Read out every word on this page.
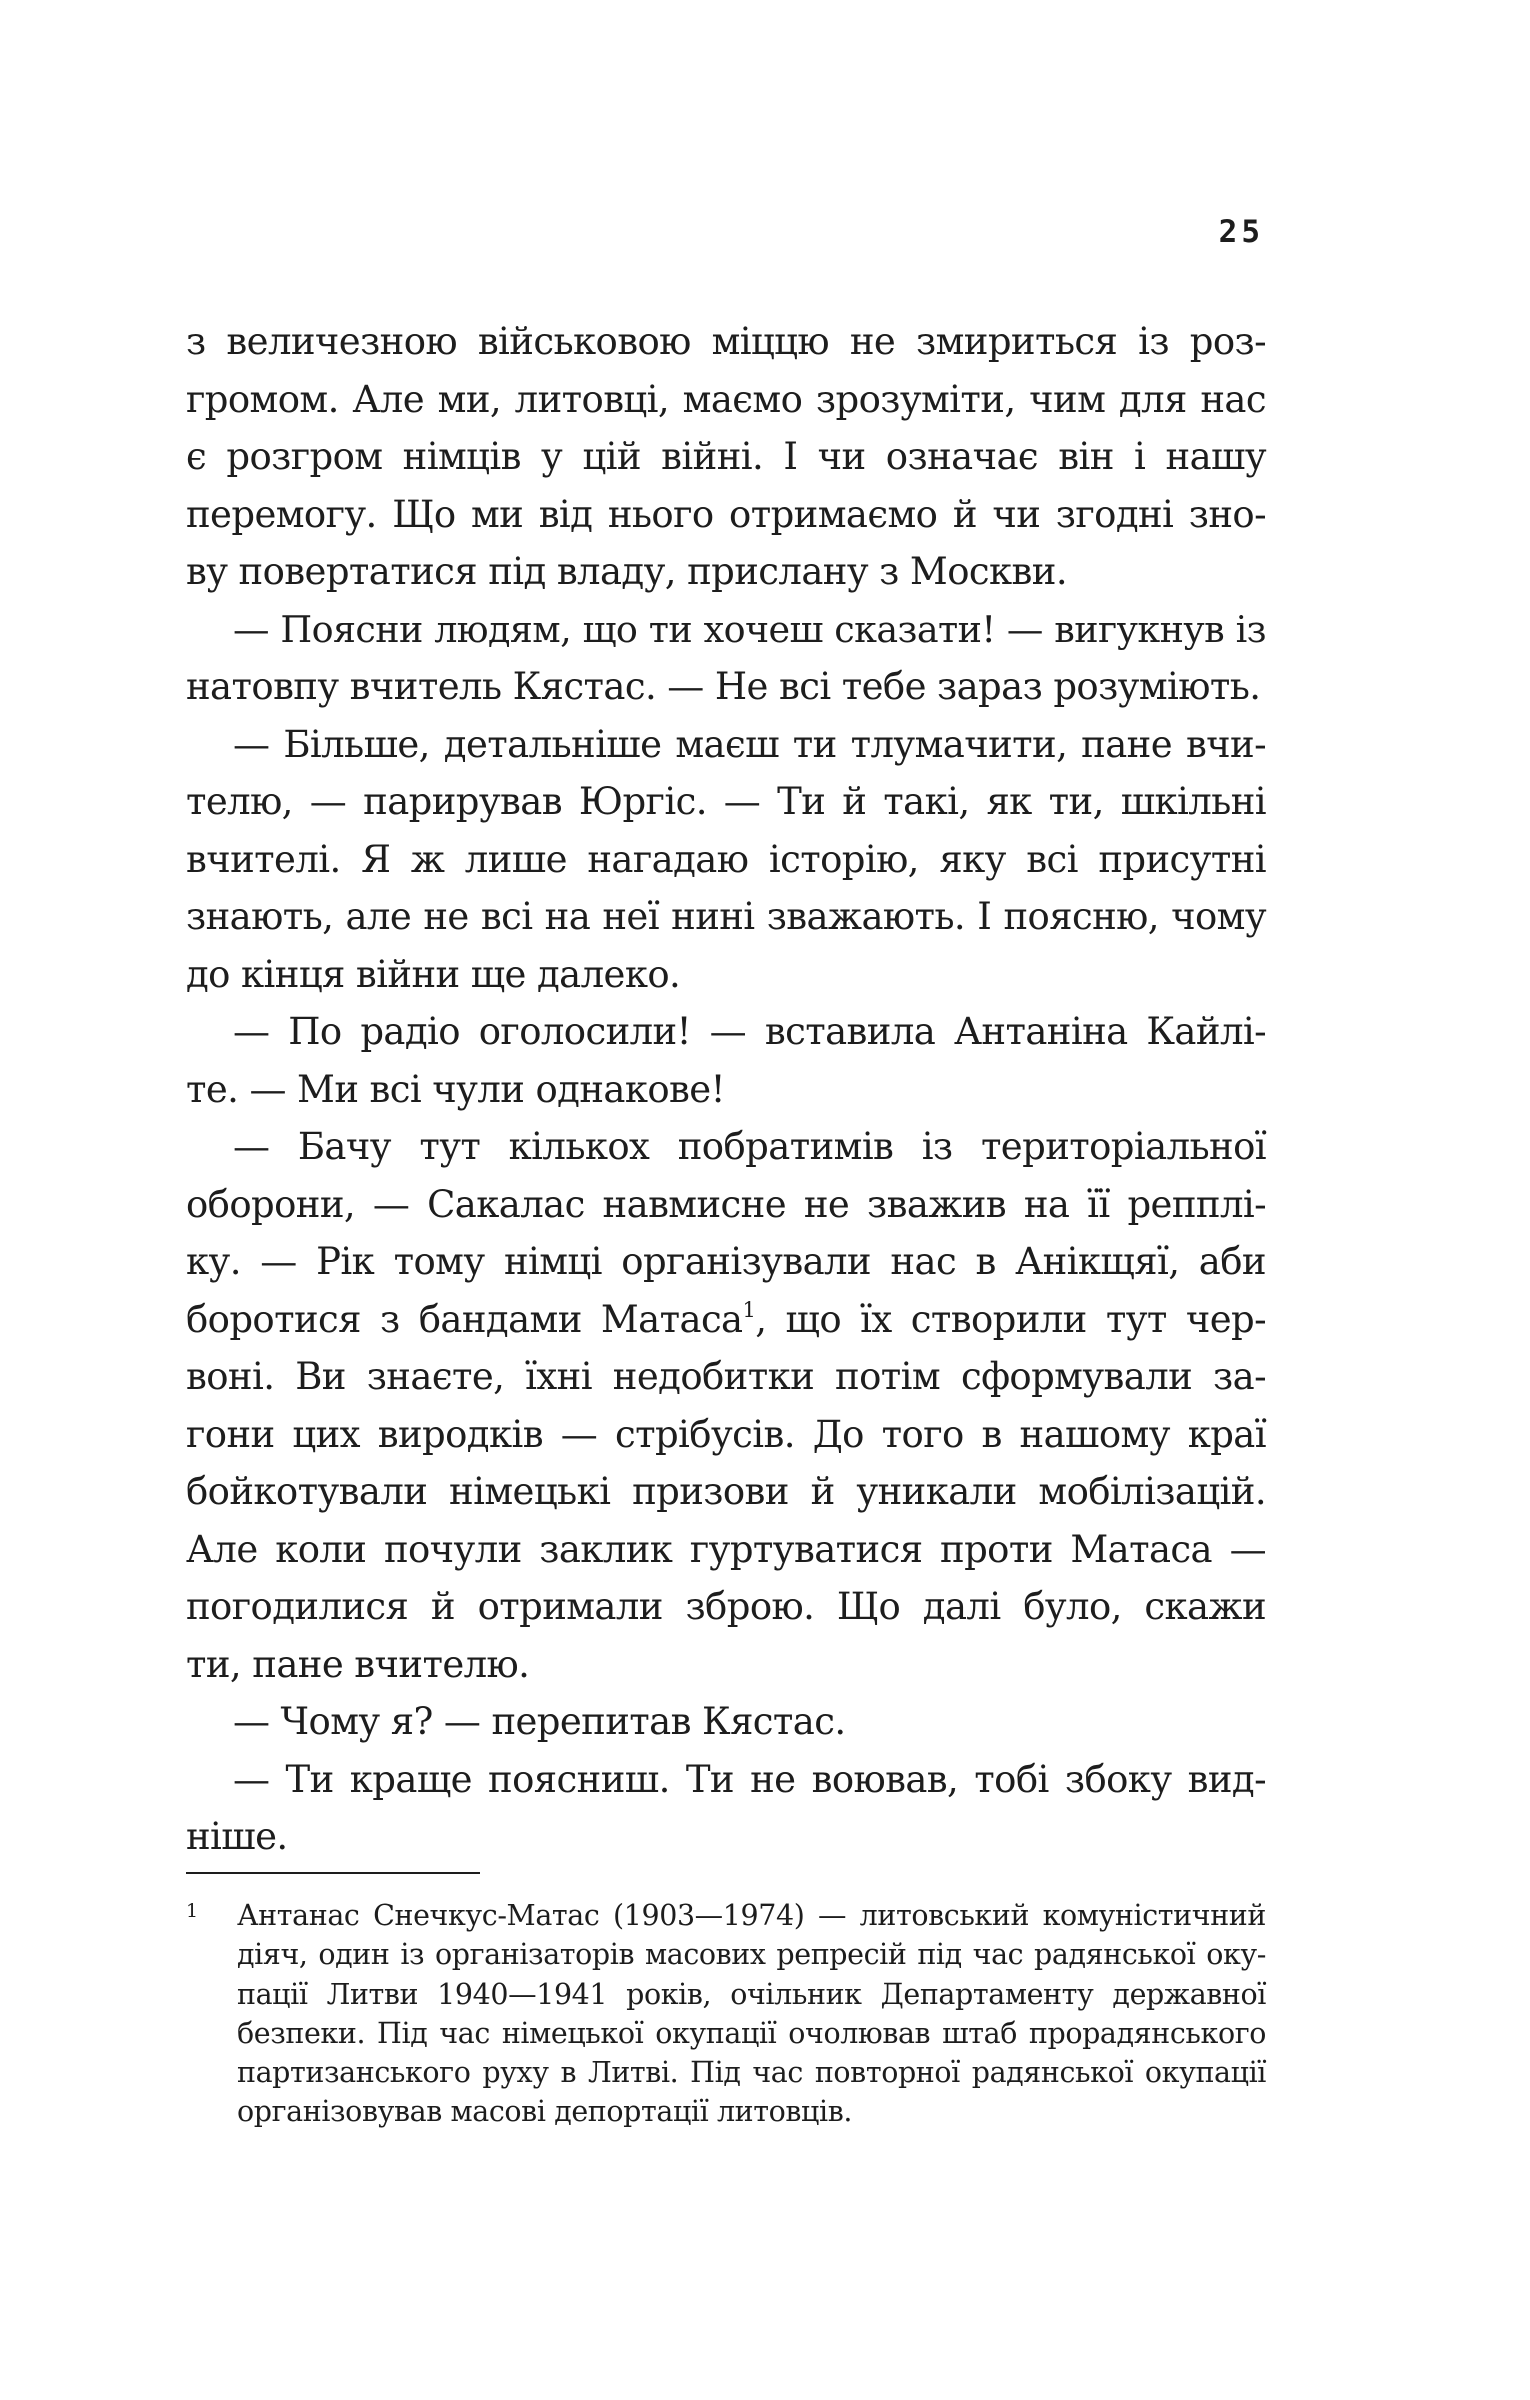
25
з величезною військовою міццю не змириться із роз-
громом. Але ми, литовці, маємо зрозуміти, чим для нас
є розгром німців у цій війні. І чи означає він і нашу
перемогу. Що ми від нього отримаємо й чи згодні зно-
ву повертатися під владу, прислану з Москви.
— Поясни людям, що ти хочеш сказати! — вигукнув із
натовпу вчитель Кястас. — Не всі тебе зараз розуміють.
— Більше, детальніше маєш ти тлумачити, пане вчи-
телю, — парирував Юргіс. — Ти й такі, як ти, шкільні
вчителі. Я ж лише нагадаю історію, яку всі присутні
знають, але не всі на неї нині зважають. І поясню, чому
до кінця війни ще далеко.
— По радіо оголосили! — вставила Антаніна Кайлі-
те. — Ми всі чули однакове!
— Бачу тут кількох побратимів із територіальної
оборони, — Сакалас навмисне не зважив на її репплі-
ку. — Рік тому німці організували нас в Анікщяї, аби
боротися з бандами Матаса$^1$, що їх створили тут чер-
воні. Ви знаєте, їхні недобитки потім сформували за-
гони цих виродків — стрібусів. До того в нашому краї
бойкотували німецькі призови й уникали мобілізацій.
Але коли почули заклик гуртуватися проти Матаса —
погодилися й отримали зброю. Що далі було, скажи
ти, пане вчителю.
— Чому я? — перепитав Кястас.
— Ти краще поясниш. Ти не воював, тобі збоку вид-
ніше.
1 Антанас Снечкус-Матас (1903—1974) — литовський комуністичний
діяч, один із організаторів масових репресій під час радянської оку-
пації Литви 1940—1941 років, очільник Департаменту державної
безпеки. Під час німецької окупації очолював штаб прорадянського
партизанського руху в Литві. Під час повторної радянської окупації
організовував масові депортації литовців.
